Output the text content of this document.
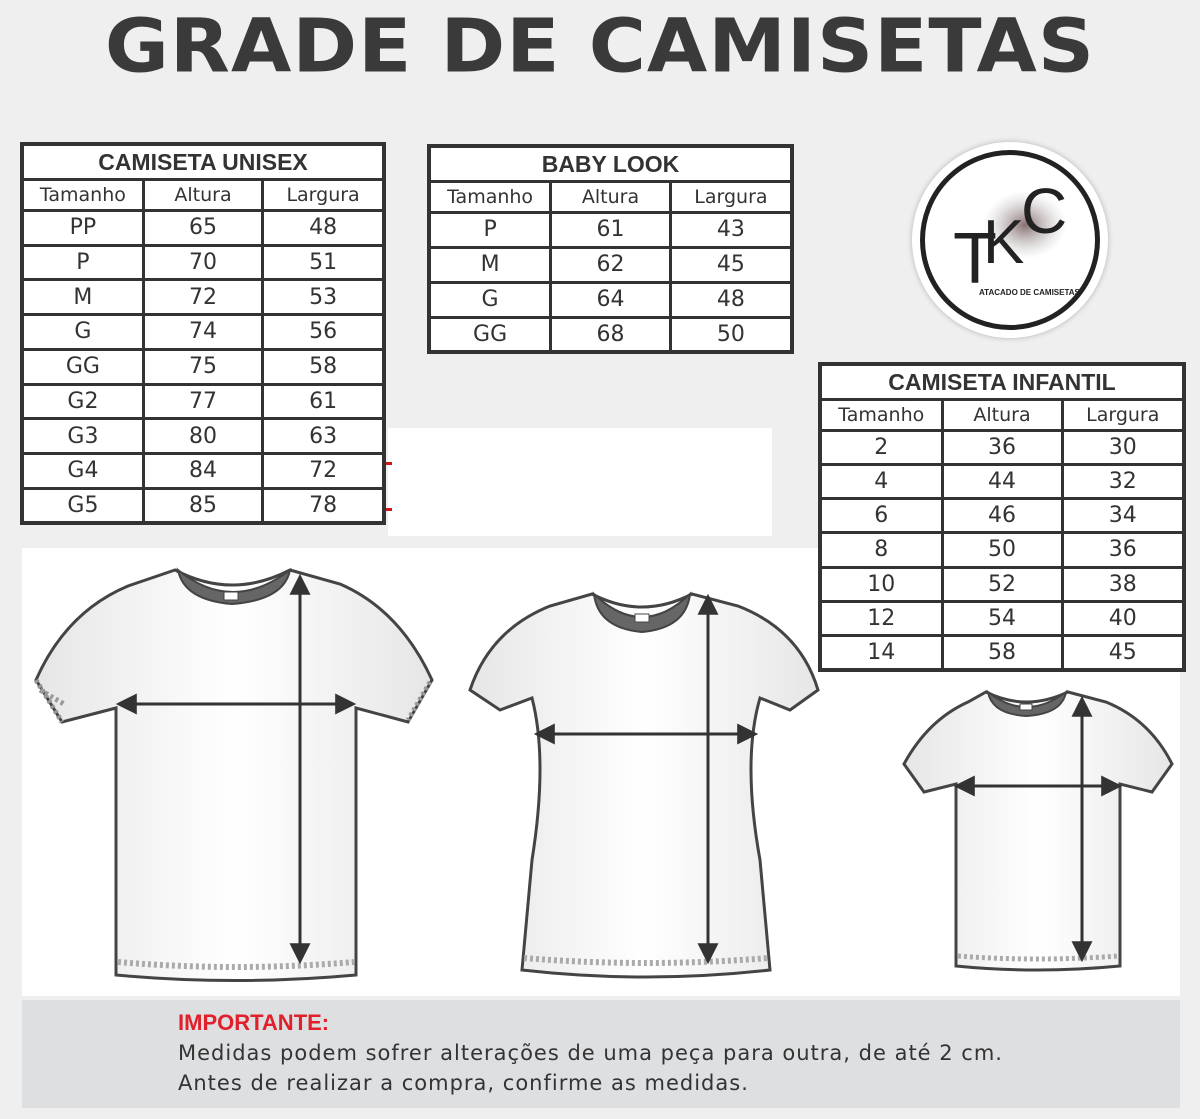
GRADE DE CAMISETAS
CAMISETA UNISEX		
Tamanho	Altura	Largura
PP	65	48
P	70	51
M	72	53
G	74	56
GG	75	58
G2	77	61
G3	80	63
G4	84	72
G5	85	78
BABY LOOK		
Tamanho	Altura	Largura
P	61	43
M	62	45
G	64	48
GG	68	50
CAMISETA INFANTIL		
Tamanho	Altura	Largura
2	36	30
4	44	32
6	46	34
8	50	36
10	52	38
12	54	40
14	58	45
T
K
C
ATACADO DE CAMISETAS
IMPORTANTE:
Medidas podem sofrer alterações de uma peça para outra, de até 2 cm.
Antes de realizar a compra, confirme as medidas.
